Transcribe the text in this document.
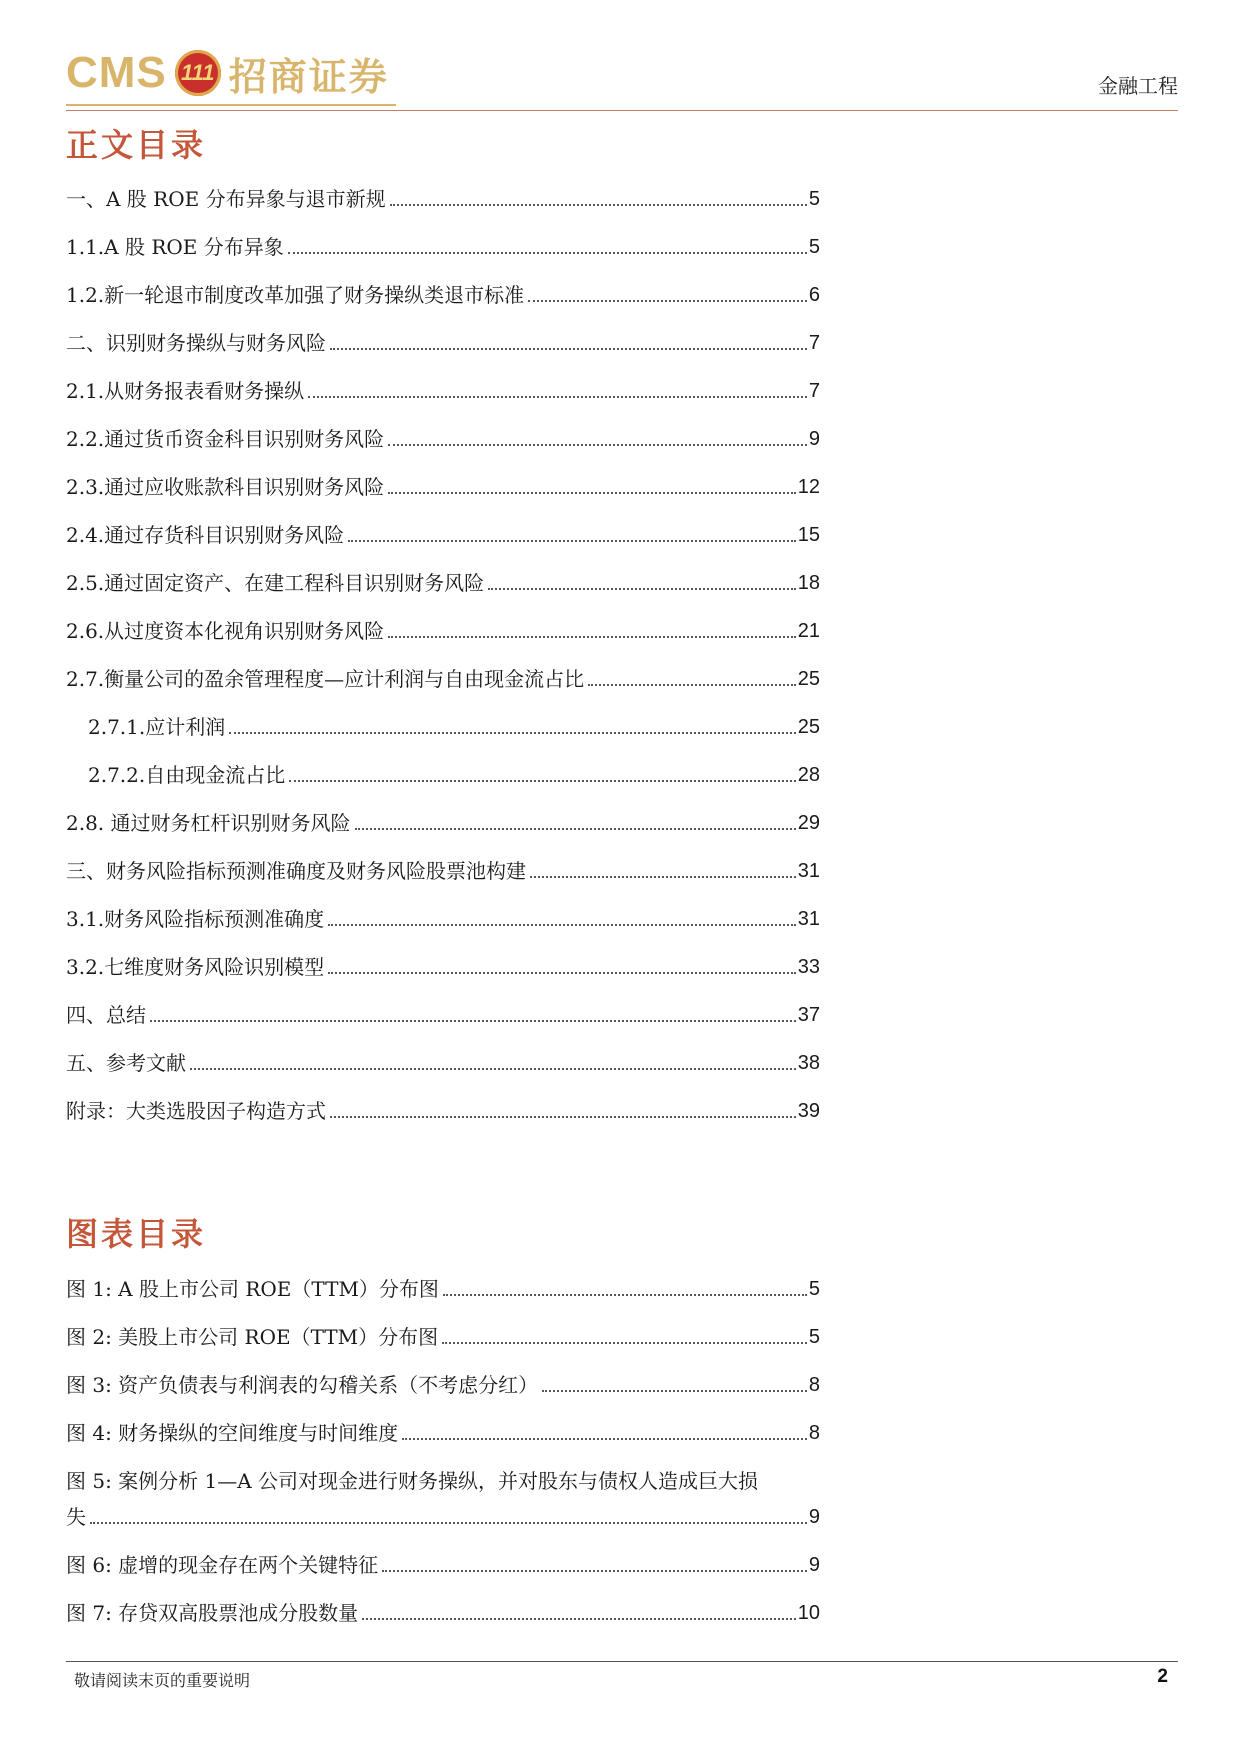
CMS 111 招商证券	金融工程
正文目录
一、A 股 ROE 分布异象与退市新规	5
1.1.A 股 ROE 分布异象	5
1.2.新一轮退市制度改革加强了财务操纵类退市标准	6
二、识别财务操纵与财务风险	7
2.1.从财务报表看财务操纵	7
2.2.通过货币资金科目识别财务风险	9
2.3.通过应收账款科目识别财务风险	12
2.4.通过存货科目识别财务风险	15
2.5.通过固定资产、在建工程科目识别财务风险	18
2.6.从过度资本化视角识别财务风险	21
2.7.衡量公司的盈余管理程度—应计利润与自由现金流占比	25
2.7.1.应计利润	25
2.7.2.自由现金流占比	28
2.8. 通过财务杠杆识别财务风险	29
三、财务风险指标预测准确度及财务风险股票池构建	31
3.1.财务风险指标预测准确度	31
3.2.七维度财务风险识别模型	33
四、总结	37
五、参考文献	38
附录：大类选股因子构造方式	39
图表目录
图 1: A 股上市公司 ROE（TTM）分布图	5
图 2: 美股上市公司 ROE（TTM）分布图	5
图 3: 资产负债表与利润表的勾稽关系（不考虑分红）	8
图 4: 财务操纵的空间维度与时间维度	8
图 5: 案例分析 1—A 公司对现金进行财务操纵，并对股东与债权人造成巨大损
失	9
图 6: 虚增的现金存在两个关键特征	9
图 7: 存贷双高股票池成分股数量	10
敬请阅读末页的重要说明	2
